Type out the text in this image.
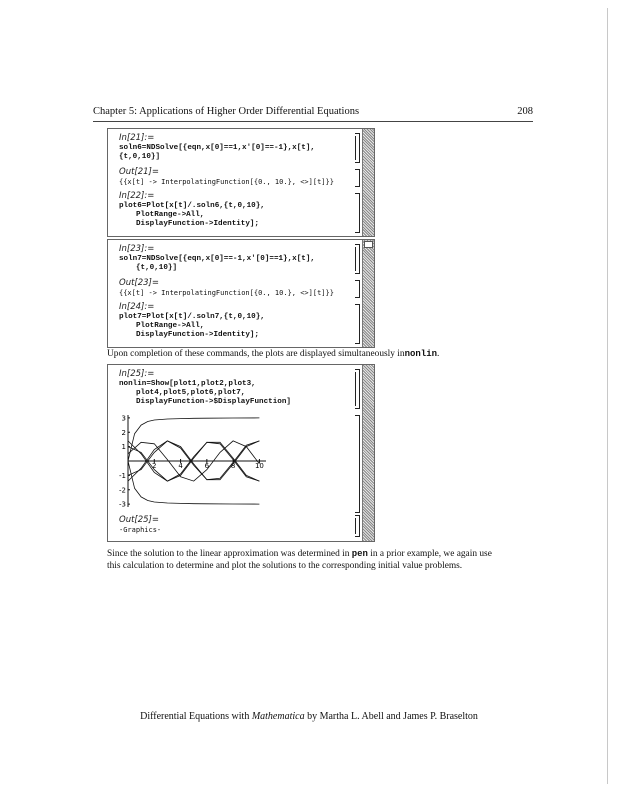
Chapter 5: Applications of Higher Order Differential Equations	208
In[21]:=
soln6=NDSolve[{eqn,x[0]==1,x'[0]==-1},x[t],
{t,0,10}]
Out[21]=
{{x[t] -> InterpolatingFunction[{0., 10.}, <>][t]}}
In[22]:=
plot6=Plot[x[t]/.soln6,{t,0,10},
PlotRange->All,
DisplayFunction->Identity];
In[23]:=
soln7=NDSolve[{eqn,x[0]==-1,x'[0]==1},x[t],
{t,0,10}]
Out[23]=
{{x[t] -> InterpolatingFunction[{0., 10.}, <>][t]}}
In[24]:=
plot7=Plot[x[t]/.soln7,{t,0,10},
PlotRange->All,
DisplayFunction->Identity];
Upon completion of these commands, the plots are displayed simultaneously innonlin.
In[25]:=
nonlin=Show[plot1,plot2,plot3,
plot4,plot5,plot6,plot7,
DisplayFunction->$DisplayFunction]
2	4	6	8	10
3
2
1
-1
-2
-3
Out[25]=
-Graphics-
Since the solution to the linear approximation was determined in pen in a prior example, we again use
this calculation to determine and plot the solutions to the corresponding initial value problems.
Differential Equations with Mathematica by Martha L. Abell and James P. Braselton
